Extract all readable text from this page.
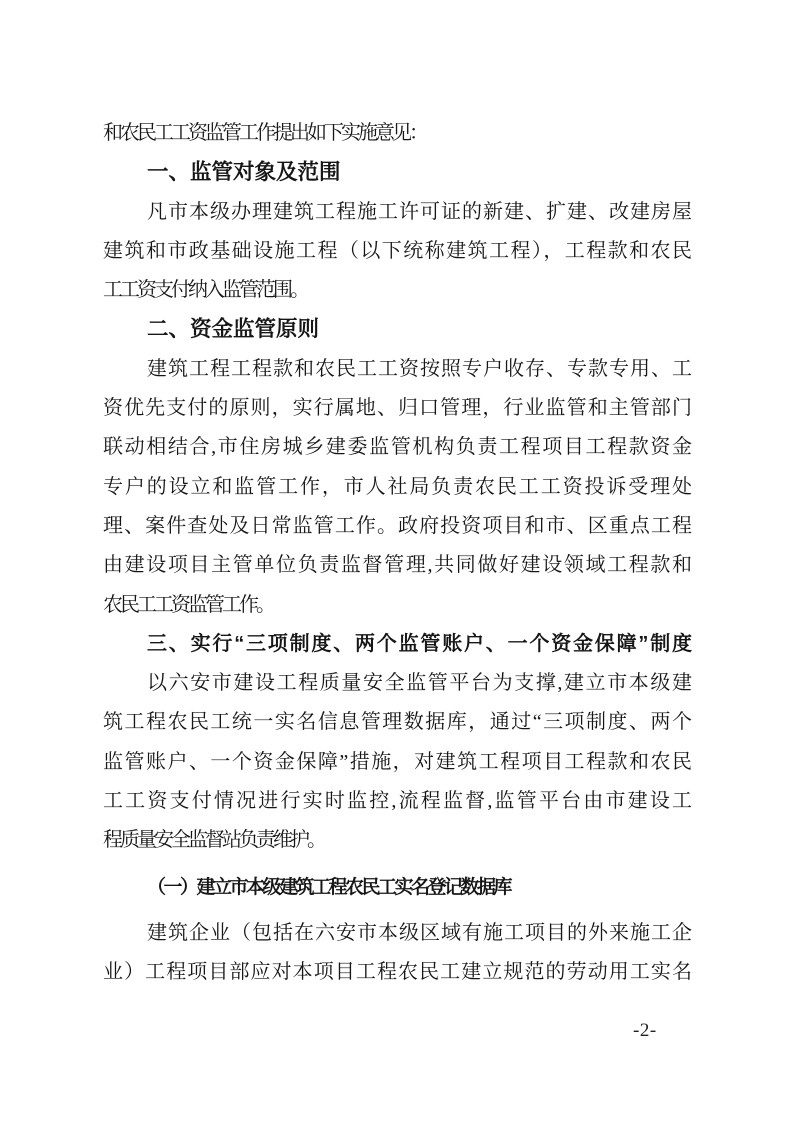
和农民工工资监管工作提出如下实施意见：
一、监管对象及范围
凡市本级办理建筑工程施工许可证的新建、扩建、改建房屋
建筑和市政基础设施工程（以下统称建筑工程），工程款和农民
工工资支付纳入监管范围。
二、资金监管原则
建筑工程工程款和农民工工资按照专户收存、专款专用、工
资优先支付的原则，实行属地、归口管理，行业监管和主管部门
联动相结合,市住房城乡建委监管机构负责工程项目工程款资金
专户的设立和监管工作，市人社局负责农民工工资投诉受理处
理、案件查处及日常监管工作。政府投资项目和市、区重点工程
由建设项目主管单位负责监督管理,共同做好建设领域工程款和
农民工工资监管工作。
三、实行“三项制度、两个监管账户、一个资金保障”制度
以六安市建设工程质量安全监管平台为支撑,建立市本级建
筑工程农民工统一实名信息管理数据库，通过“三项制度、两个
监管账户、一个资金保障”措施，对建筑工程项目工程款和农民
工工资支付情况进行实时监控,流程监督,监管平台由市建设工
程质量安全监督站负责维护。
（一）建立市本级建筑工程农民工实名登记数据库
建筑企业（包括在六安市本级区域有施工项目的外来施工企
业）工程项目部应对本项目工程农民工建立规范的劳动用工实名
-2-
